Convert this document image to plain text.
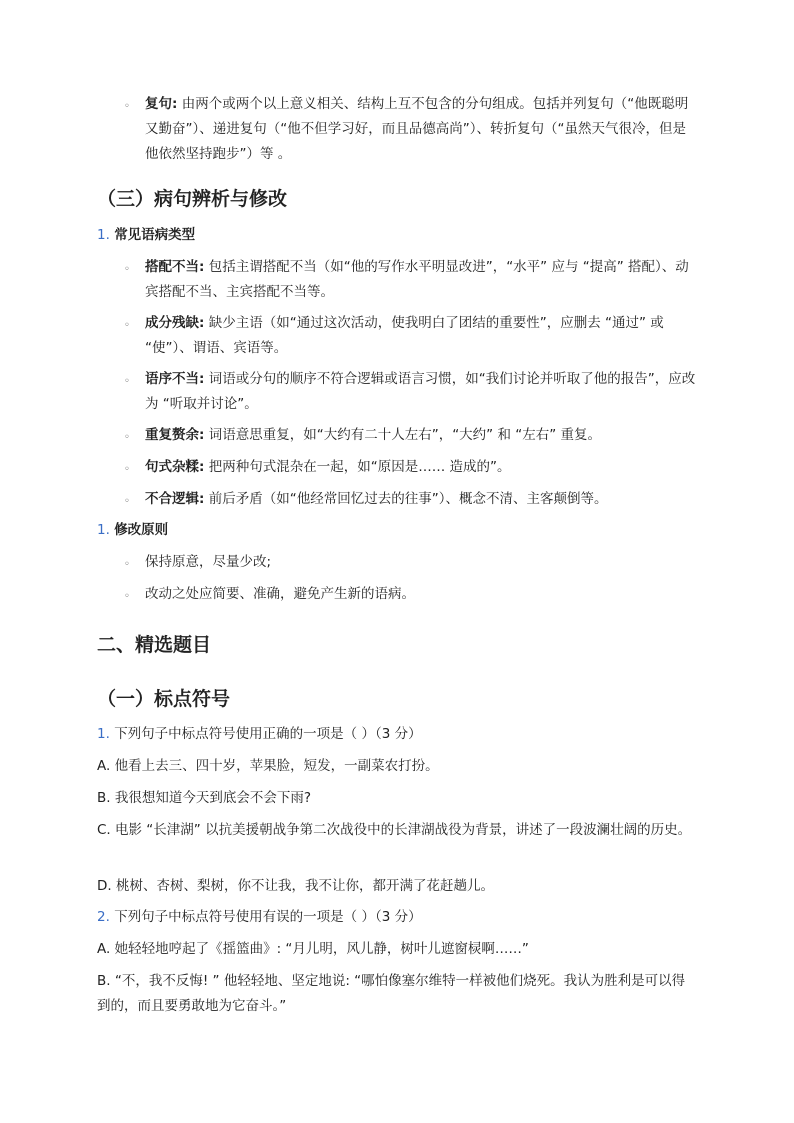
◦	复句: 由两个或两个以上意义相关、结构上互不包含的分句组成。包括并列复句（“他既聪明又勤奋”）、递进复句（“他不但学习好，而且品德高尚”）、转折复句（“虽然天气很冷，但是他依然坚持跑步”）等 。
（三）病句辨析与修改
1. 常见语病类型
◦	搭配不当: 包括主谓搭配不当（如“他的写作水平明显改进”，“水平” 应与 “提高” 搭配）、动宾搭配不当、主宾搭配不当等。
◦	成分残缺: 缺少主语（如“通过这次活动，使我明白了团结的重要性”，应删去 “通过” 或 “使”）、谓语、宾语等。
◦	语序不当: 词语或分句的顺序不符合逻辑或语言习惯，如“我们讨论并听取了他的报告”，应改为 “听取并讨论”。
◦	重复赘余: 词语意思重复，如“大约有二十人左右”，“大约” 和 “左右” 重复。
◦	句式杂糅: 把两种句式混杂在一起，如“原因是…… 造成的”。
◦	不合逻辑: 前后矛盾（如“他经常回忆过去的往事”）、概念不清、主客颠倒等。
1. 修改原则
◦	保持原意，尽量少改;
◦	改动之处应简要、准确，避免产生新的语病。
二、精选题目
（一）标点符号
1. 下列句子中标点符号使用正确的一项是（ ）（3 分）
A. 他看上去三、四十岁，苹果脸，短发，一副菜农打扮。
B. 我很想知道今天到底会不会下雨?
C. 电影 “长津湖” 以抗美援朝战争第二次战役中的长津湖战役为背景，讲述了一段波澜壮阔的历史。
D. 桃树、杏树、梨树，你不让我，我不让你，都开满了花赶趟儿。
2. 下列句子中标点符号使用有误的一项是（ ）（3 分）
A. 她轻轻地哼起了《摇篮曲》: “月儿明，风儿静，树叶儿遮窗棂啊……”
B. “不，我不反悔! ” 他轻轻地、坚定地说: “哪怕像塞尔维特一样被他们烧死。我认为胜利是可以得到的，而且要勇敢地为它奋斗。”
